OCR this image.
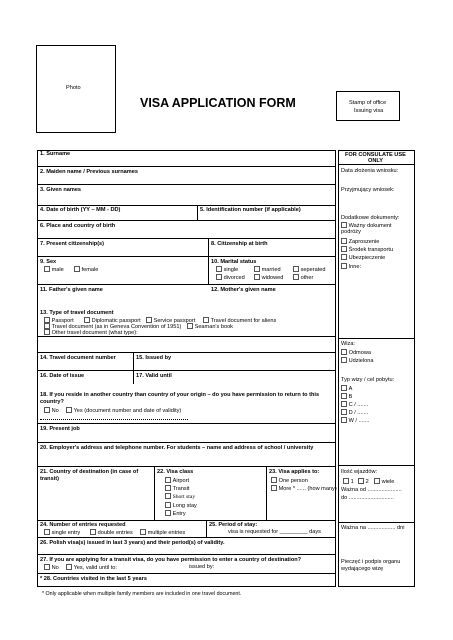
Photo
VISA APPLICATION FORM	Stamp of office
Issuing visa
1. Surname
2. Maiden name / Previous surnames
3. Given names
4. Date of birth (YY – MM - DD)	5. Identification number (if applicable)
6. Place and country of birth
7. Present citizenship(s)	8. Citizenship at birth
9. Sex
male	female
10. Marital status
single	married	seperated
divorced	widowed	other
11. Father's given name	12. Mother's given name
13. Type of travel document
Passport	Diplomatic passport	Service passport	Travel document for aliens
Travel document (as in Geneva Convention of 1951)	Seaman's book
Other travel document (what type):
14. Travel document number	15. Issued by
16. Date of issue	17. Valid until
18. If you reside in another country than country of your origin – do you have permission to return to this
country?
No	Yes (document number and date of validity)
19. Present job
20. Employer's address and telephone number. For students – name and address of school / university
21. Country of destination (in case of
transit)
22. Visa class
Airport
Transit
Short stay
Long stay
Entry
23. Visa applies to:
One person
More * ...... (how many)
24. Number of entries requested
single entry	double entries	multiple entries
25. Period of stay:
visa is requested for _________ days
26. Polish visa(s) issued in last 3 years) and their period(s) of validity.
27. If you are applying for a transit visa, do you have permission to enter a country of destination?
No	Yes, valid until to:	issued by:
* 28. Countries visited in the last 5 years
FOR CONSULATE USE
ONLY
Data złożenia wniosku:
Przyjmujący wniosek:
Dodatkowe dokumenty:
Ważny dokument
podróży
Zaproszenie
Środek transportu
Ubezpieczenie
Inne:
Wiza:
Odmowa
Udzielona
Typ wizy / cel pobytu:
A
B
C / .......
D / .......
W / .......
Ilość wjazdów:
1	2	wiele
Ważna od ......................
do .............................
Ważna na .................. dni
Pieczęć i podpis organu
wydającego wizę
* Only applicable when multiple family members are included in one travel document.
